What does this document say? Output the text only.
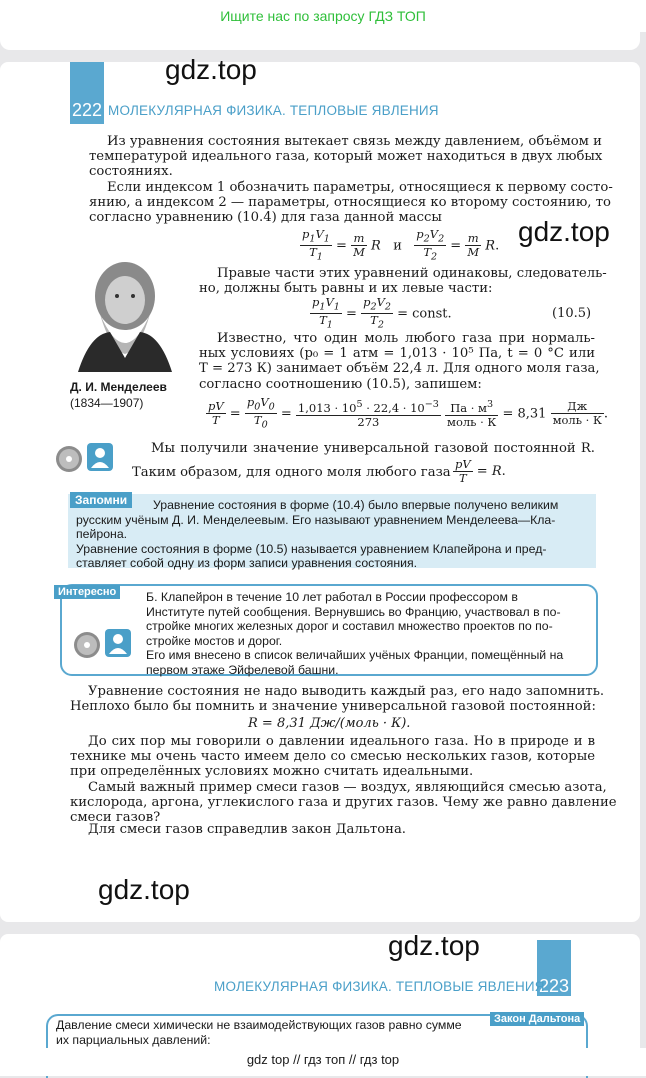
Ищите нас по запросу ГДЗ ТОП
222 МОЛЕКУЛЯРНАЯ ФИЗИКА. ТЕПЛОВЫЕ ЯВЛЕНИЯ
gdz.top
Из уравнения состояния вытекает связь между давлением, объёмом и
температурой идеального газа, который может находиться в двух любых
состояниях.
Если индексом 1 обозначить параметры, относящиеся к первому состо-
янию, а индексом 2 — параметры, относящиеся ко второму состоянию, то
согласно уравнению (10.4) для газа данной массы
$\frac{p_1V_1}{T_1} = \frac{m}{M}$ R   и $\frac{p_2V_2}{T_2} = \frac{m}{M} R$. gdz.top
Д. И. Менделеев
(1834—1907)
Правые части этих уравнений одинаковы, следователь-
но, должны быть равны и их левые части:
$\frac{p_1V_1}{T_1} = \frac{p_2V_2}{T_2}$ = const.	(10.5)
Известно, что один моль любого газа при нормаль-
ных условиях (p₀ = 1 атм = 1,013 · 10⁵ Па, t = 0 °С или
T = 273 К) занимает объём 22,4 л. Для одного моля газа,
согласно соотношению (10.5), запишем:
$\frac{pV}{T} = \frac{p_0V_0}{T_0} = \frac{1,013 \cdot 10^5 \cdot 22,4 \cdot 10^{-3}}{273}$
$\frac{Па \cdot м^3}{\text{моль · К}} = 8,31 \frac{Дж}{\text{моль · К}}$ .
Мы получили значение универсальной газовой постоянной R.
Таким образом, для одного моля любого газа $\frac{pV}{T} = R$.
Запомни	Уравнение состояния в форме (10.4) было впервые получено великим
русским учёным Д. И. Менделеевым. Его называют уравнением Менделеева—Кла-
пейрона.
Уравнение состояния в форме (10.5) называется уравнением Клапейрона и пред-
ставляет собой одну из форм записи уравнения состояния.
Интересно	Б. Клапейрон в течение 10 лет работал в России профессором в
Институте путей сообщения. Вернувшись во Францию, участвовал в по-
стройке многих железных дорог и составил множество проектов по по-
стройке мостов и дорог.
Его имя внесено в список величайших учёных Франции, помещённый на
первом этаже Эйфелевой башни.
Уравнение состояния не надо выводить каждый раз, его надо запомнить.
Неплохо было бы помнить и значение универсальной газовой постоянной:
R = 8,31 Дж/(моль · К).
До сих пор мы говорили о давлении идеального газа. Но в природе и в
технике мы очень часто имеем дело со смесью нескольких газов, которые
при определённых условиях можно считать идеальными.
Самый важный пример смеси газов — воздух, являющийся смесью азота,
кислорода, аргона, углекислого газа и других газов. Чему же равно давление
смеси газов?
Для смеси газов справедлив закон Дальтона.
gdz.top
gdz.top
223
МОЛЕКУЛЯРНАЯ ФИЗИКА. ТЕПЛОВЫЕ ЯВЛЕНИЯ
Закон Дальтона
Давление смеси химически не взаимодействующих газов равно сумме
их парциальных давлений:
gdz top // гдз топ // гдз top
